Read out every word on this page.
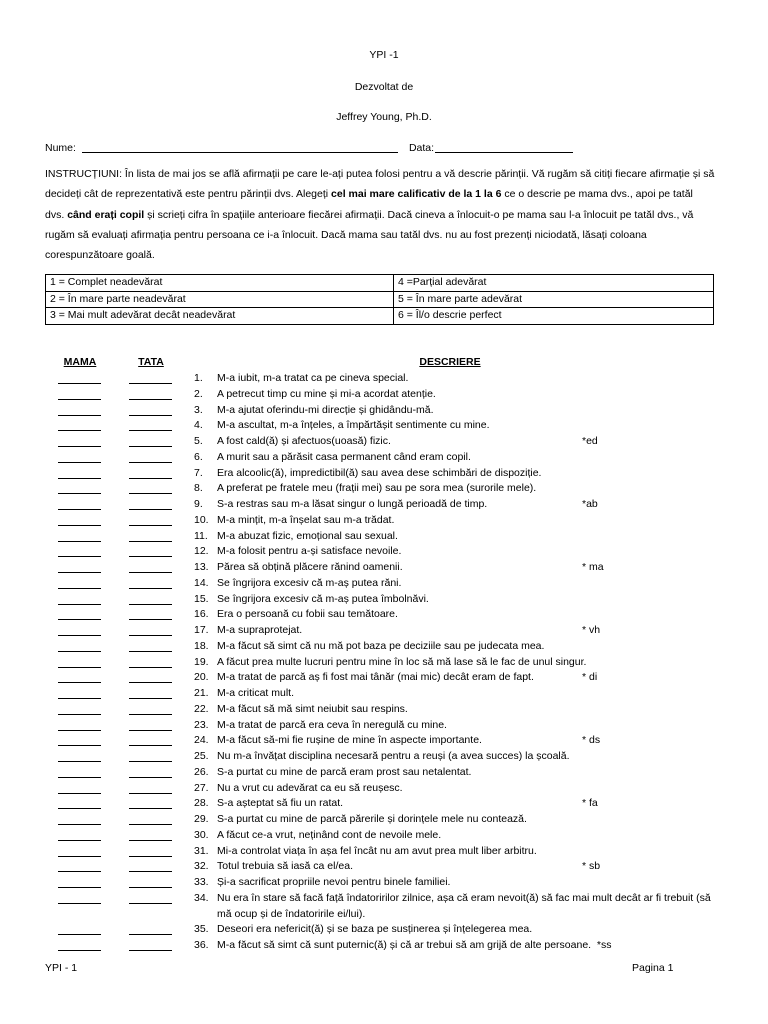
YPI -1
Dezvoltat de
Jeffrey Young, Ph.D.
Nume:	Data:

INSTRUCȚIUNI: În lista de mai jos se află afirmații pe care le-ați putea folosi pentru a vă descrie părinții. Vă rugăm să citiți fiecare afirmație și să decideți cât de reprezentativă este pentru părinții dvs. Alegeți cel mai mare calificativ de la 1 la 6 ce o descrie pe mama dvs., apoi pe tatăl dvs. când erați copil și scrieți cifra în spațiile anterioare fiecărei afirmații. Dacă cineva a înlocuit-o pe mama sau l-a înlocuit pe tatăl dvs., vă rugăm să evaluați afirmația pentru persoana ce i-a înlocuit. Dacă mama sau tatăl dvs. nu au fost prezenți niciodată, lăsați coloana corespunzătoare goală.

1 = Complet neadevărat	4 =Parțial adevărat
2 = În mare parte neadevărat	5 = În mare parte adevărat
3 = Mai mult adevărat decât neadevărat	6 = Îl/o descrie perfect
MAMA	TATA	DESCRIERE
1. M-a iubit, m-a tratat ca pe cineva special.
2. A petrecut timp cu mine și mi-a acordat atenție.
3. M-a ajutat oferindu-mi direcție și ghidându-mă.
4. M-a ascultat, m-a înțeles, a împărtășit sentimente cu mine.
5. A fost cald(ă) și afectuos(uoasă) fizic.	*ed
6. A murit sau a părăsit casa permanent când eram copil.
7. Era alcoolic(ă), impredictibil(ă) sau avea dese schimbări de dispoziție.
8. A preferat pe fratele meu (frații mei) sau pe sora mea (surorile mele).
9. S-a restras sau m-a lăsat singur o lungă perioadă de timp.	*ab
10. M-a mințit, m-a înșelat sau m-a trădat.
11. M-a abuzat fizic, emoțional sau sexual.
12. M-a folosit pentru a-și satisface nevoile.
13. Părea să obțină plăcere rănind oamenii.	* ma
14. Se îngrijora excesiv că m-aș putea răni.
15. Se îngrijora excesiv că m-aș putea îmbolnăvi.
16. Era o persoană cu fobii sau temătoare.
17. M-a supraprotejat.	* vh
18. M-a făcut să simt că nu mă pot baza pe deciziile sau pe judecata mea.
19. A făcut prea multe lucruri pentru mine în loc să mă lase să le fac de unul singur.
20. M-a tratat de parcă aș fi fost mai tânăr (mai mic) decât eram de fapt.	* di
21. M-a criticat mult.
22. M-a făcut să mă simt neiubit sau respins.
23. M-a tratat de parcă era ceva în neregulă cu mine.
24. M-a făcut să-mi fie rușine de mine în aspecte importante.	* ds
25. Nu m-a învățat disciplina necesară pentru a reuși (a avea succes) la școală.
26. S-a purtat cu mine de parcă eram prost sau netalentat.
27. Nu a vrut cu adevărat ca eu să reușesc.
28. S-a așteptat să fiu un ratat.	* fa
29. S-a purtat cu mine de parcă părerile și dorințele mele nu contează.
30. A făcut ce-a vrut, neținând cont de nevoile mele.
31. Mi-a controlat viața în așa fel încât nu am avut prea mult liber arbitru.
32. Totul trebuia să iasă ca el/ea.	* sb
33. Și-a sacrificat propriile nevoi pentru binele familiei.
34. Nu era în stare să facă față îndatoririlor zilnice, așa că eram nevoit(ă) să fac mai mult decât ar fi trebuit (să mă ocup și de îndatoririle ei/lui).
35. Deseori era nefericit(ă) și se baza pe susținerea și înțelegerea mea.
36. M-a făcut să simt că sunt puternic(ă) și că ar trebui să am grijă de alte persoane.  *ss
YPI - 1	Pagina 1
